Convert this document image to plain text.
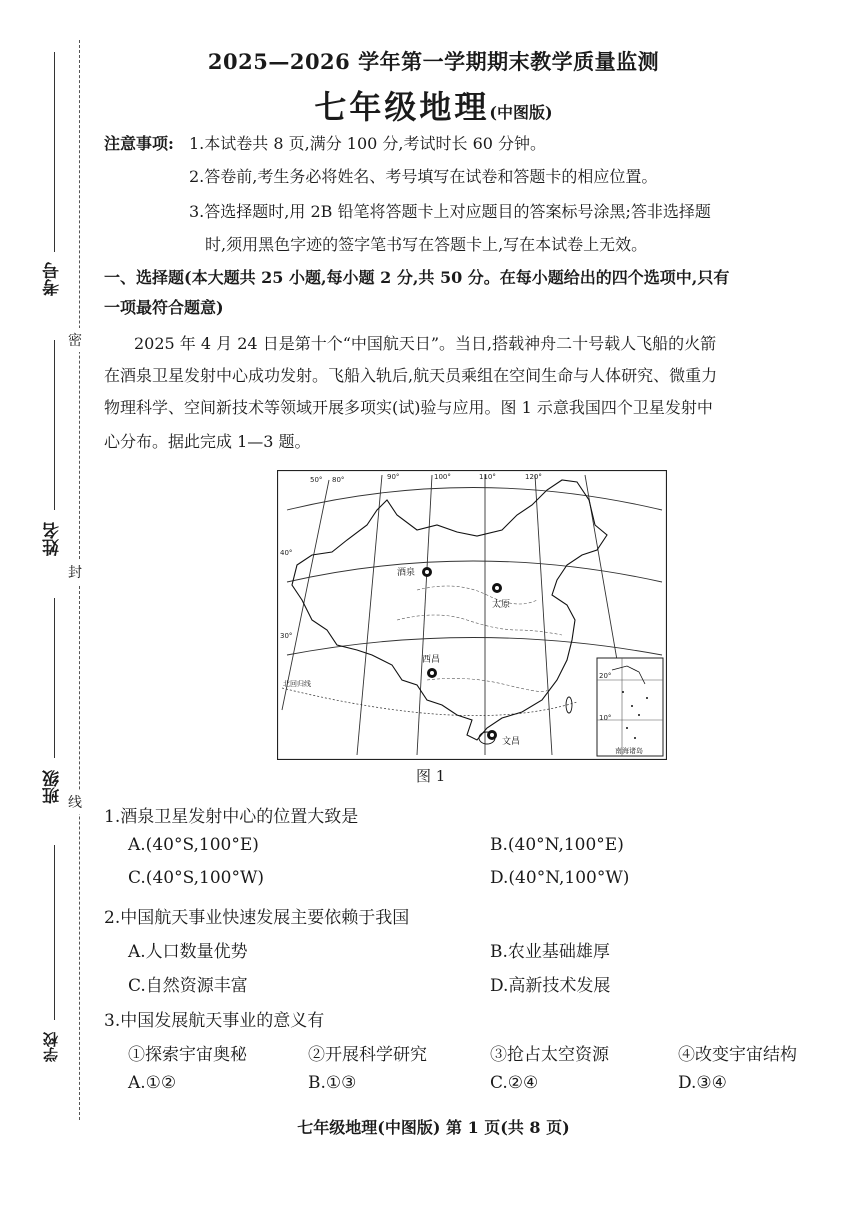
考号
姓名
班级
学校
密
封
线
2025—2026 学年第一学期期末教学质量监测
七年级地理(中图版)
注意事项: 1.本试卷共 8 页,满分 100 分,考试时长 60 分钟。
2.答卷前,考生务必将姓名、考号填写在试卷和答题卡的相应位置。
3.答选择题时,用 2B 铅笔将答题卡上对应题目的答案标号涂黑;答非选择题
时,须用黑色字迹的签字笔书写在答题卡上,写在本试卷上无效。
一、选择题(本大题共 25 小题,每小题 2 分,共 50 分。在每小题给出的四个选项中,只有
一项最符合题意)
2025 年 4 月 24 日是第十个“中国航天日”。当日,搭载神舟二十号载人飞船的火箭
在酒泉卫星发射中心成功发射。飞船入轨后,航天员乘组在空间生命与人体研究、微重力
物理科学、空间新技术等领域开展多项实(试)验与应用。图 1 示意我国四个卫星发射中
心分布。据此完成 1—3 题。
南海诸岛
50° 80°	90°	100°	110°	120°
40°
30°
20°
10°
北回归线
酒泉
太原
西昌
文昌
图 1
1.酒泉卫星发射中心的位置大致是
A.(40°S,100°E)	B.(40°N,100°E)
C.(40°S,100°W)	D.(40°N,100°W)
2.中国航天事业快速发展主要依赖于我国
A.人口数量优势	B.农业基础雄厚
C.自然资源丰富	D.高新技术发展
3.中国发展航天事业的意义有
①探索宇宙奥秘	②开展科学研究	③抢占太空资源	④改变宇宙结构
A.①②	B.①③	C.②④	D.③④
七年级地理(中图版) 第 1 页(共 8 页)
